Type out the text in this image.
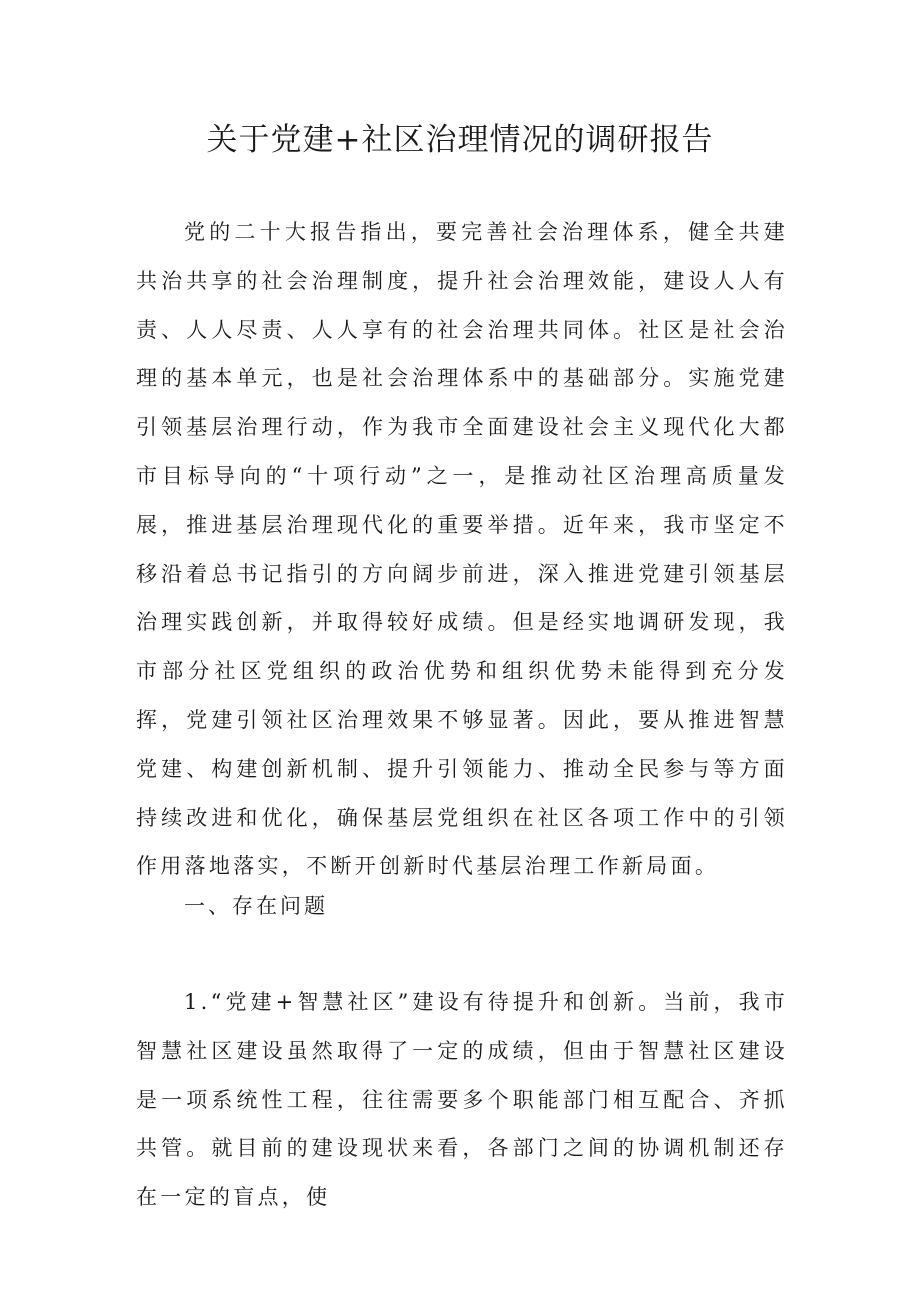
关于党建+社区治理情况的调研报告

党的二十大报告指出，要完善社会治理体系，健全共建共治共享的社会治理制度，提升社会治理效能，建设人人有责、人人尽责、人人享有的社会治理共同体。社区是社会治理的基本单元，也是社会治理体系中的基础部分。实施党建引领基层治理行动，作为我市全面建设社会主义现代化大都市目标导向的“十项行动”之一，是推动社区治理高质量发展，推进基层治理现代化的重要举措。近年来，我市坚定不移沿着总书记指引的方向阔步前进，深入推进党建引领基层治理实践创新，并取得较好成绩。但是经实地调研发现，我市部分社区党组织的政治优势和组织优势未能得到充分发挥，党建引领社区治理效果不够显著。因此，要从推进智慧党建、构建创新机制、提升引领能力、推动全民参与等方面持续改进和优化，确保基层党组织在社区各项工作中的引领作用落地落实，不断开创新时代基层治理工作新局面。

一、存在问题

1.“党建+智慧社区”建设有待提升和创新。当前，我市智慧社区建设虽然取得了一定的成绩，但由于智慧社区建设是一项系统性工程，往往需要多个职能部门相互配合、齐抓共管。就目前的建设现状来看，各部门之间的协调机制还存在一定的盲点，使
